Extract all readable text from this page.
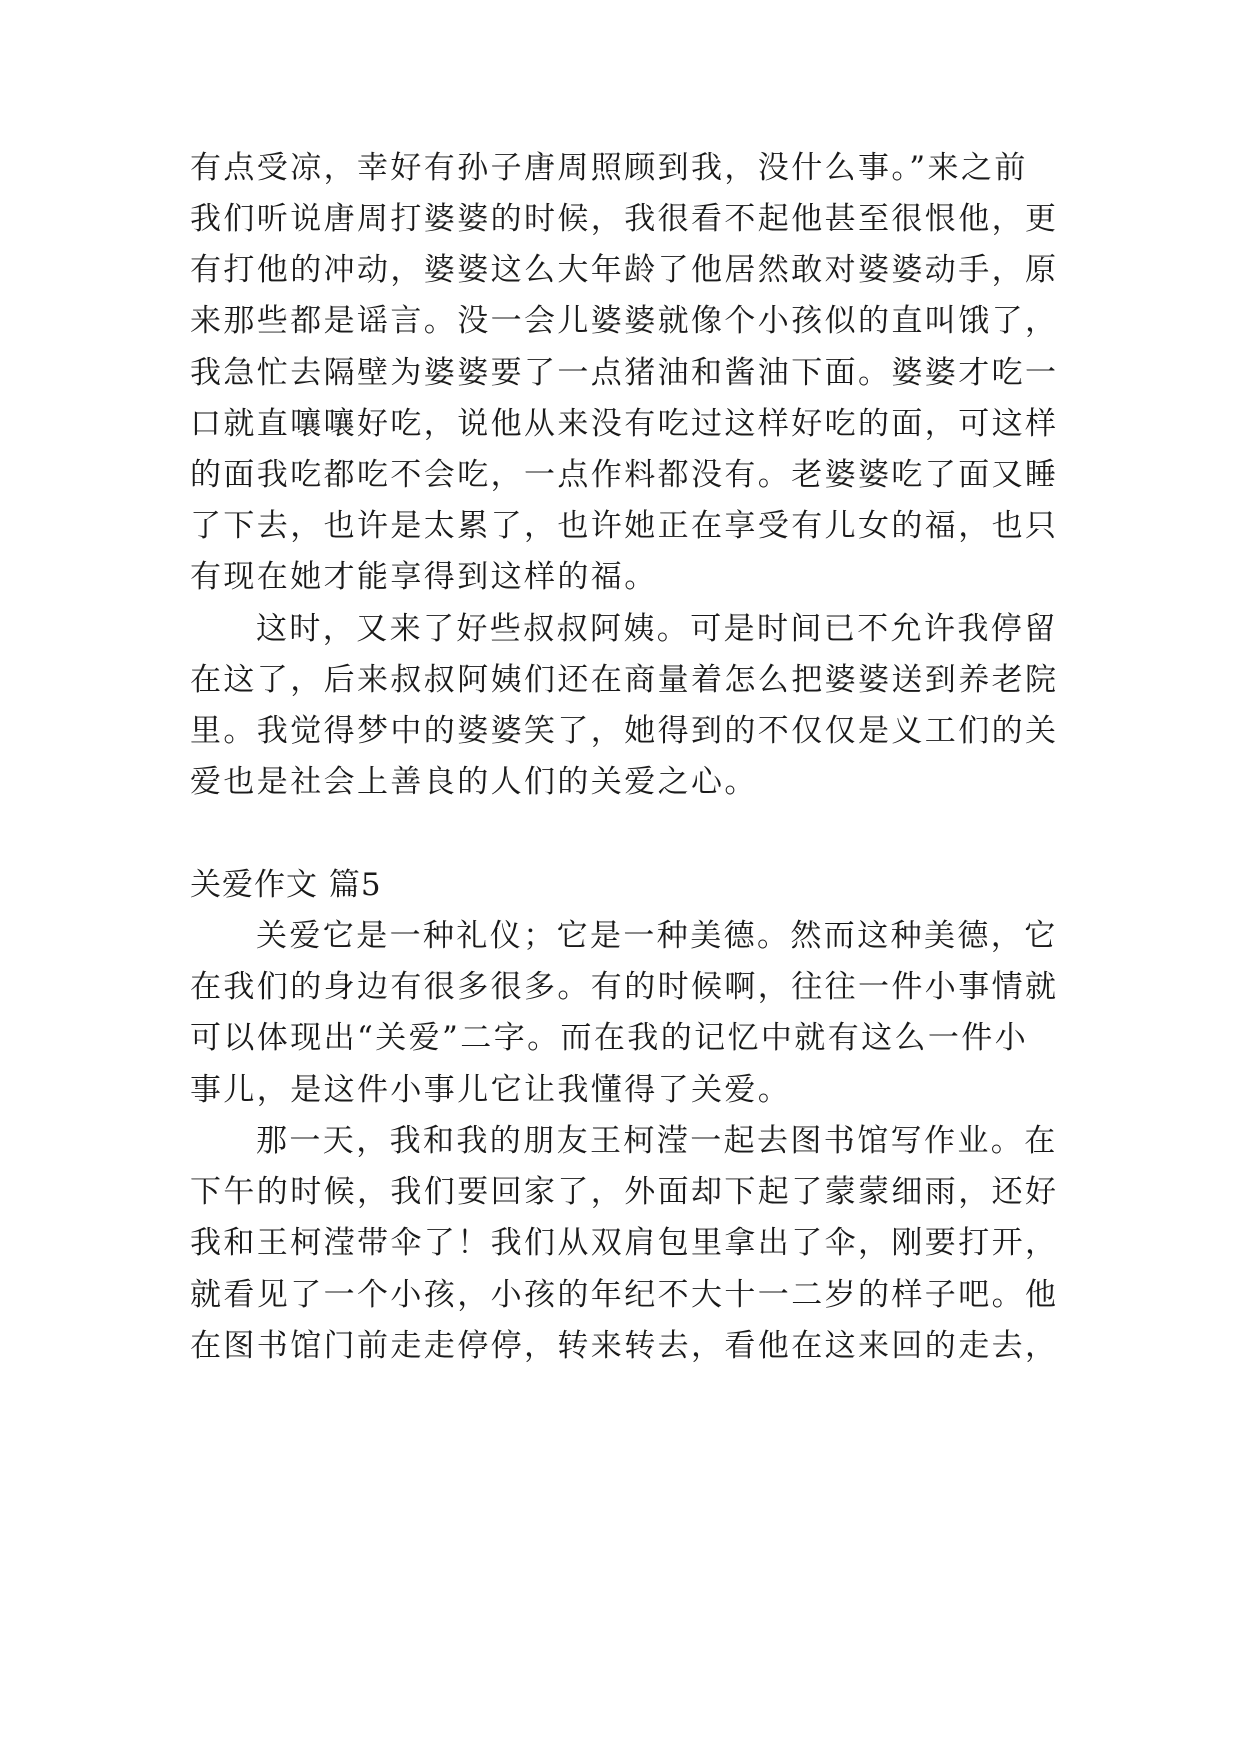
有点受凉，幸好有孙子唐周照顾到我，没什么事。”来之前
我们听说唐周打婆婆的时候，我很看不起他甚至很恨他，更
有打他的冲动，婆婆这么大年龄了他居然敢对婆婆动手，原
来那些都是谣言。没一会儿婆婆就像个小孩似的直叫饿了，
我急忙去隔壁为婆婆要了一点猪油和酱油下面。婆婆才吃一
口就直嚷嚷好吃，说他从来没有吃过这样好吃的面，可这样
的面我吃都吃不会吃，一点作料都没有。老婆婆吃了面又睡
了下去，也许是太累了，也许她正在享受有儿女的福，也只
有现在她才能享得到这样的福。
这时，又来了好些叔叔阿姨。可是时间已不允许我停留
在这了，后来叔叔阿姨们还在商量着怎么把婆婆送到养老院
里。我觉得梦中的婆婆笑了，她得到的不仅仅是义工们的关
爱也是社会上善良的人们的关爱之心。
关爱作文 篇5
关爱它是一种礼仪；它是一种美德。然而这种美德，它
在我们的身边有很多很多。有的时候啊，往往一件小事情就
可以体现出“关爱”二字。而在我的记忆中就有这么一件小
事儿，是这件小事儿它让我懂得了关爱。
那一天，我和我的朋友王柯滢一起去图书馆写作业。在
下午的时候，我们要回家了，外面却下起了蒙蒙细雨，还好
我和王柯滢带伞了！我们从双肩包里拿出了伞，刚要打开，
就看见了一个小孩，小孩的年纪不大十一二岁的样子吧。他
在图书馆门前走走停停，转来转去，看他在这来回的走去，
